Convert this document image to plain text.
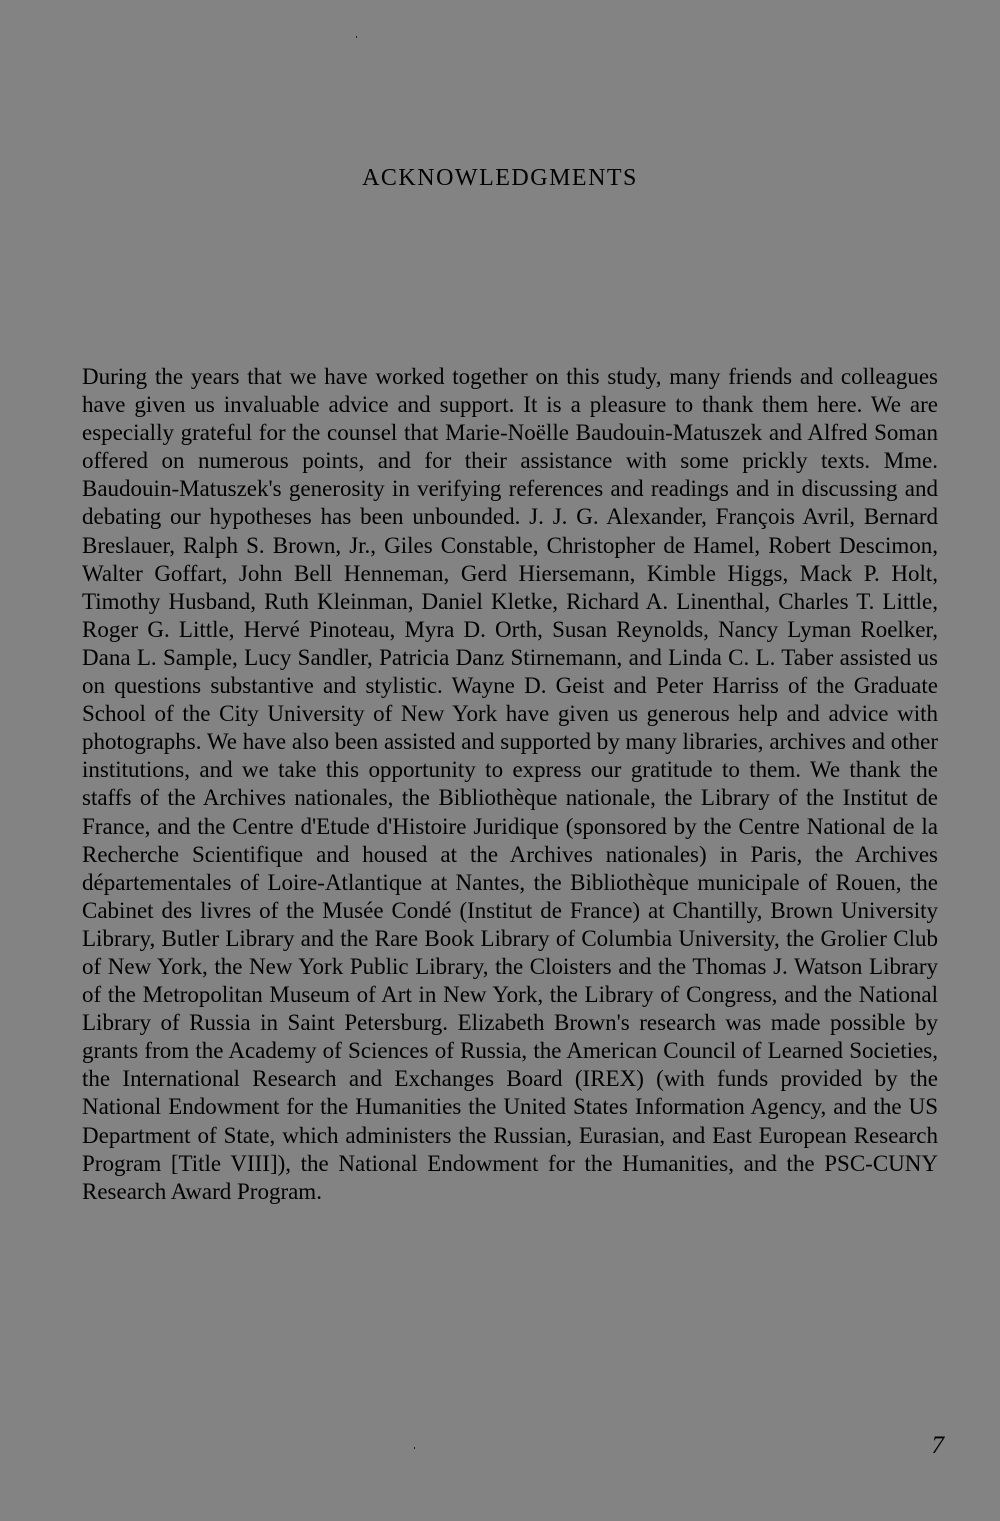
ACKNOWLEDGMENTS

During the years that we have worked together on this study, many friends and colleagues have given us invaluable advice and support. It is a pleasure to thank them here. We are especially grateful for the counsel that Marie-Noëlle Baudouin-Matuszek and Alfred Soman offered on numerous points, and for their assistance with some prickly texts. Mme. Baudouin-Matuszek's generosity in verifying references and readings and in discussing and debating our hypotheses has been unbounded. J. J. G. Alexander, François Avril, Bernard Breslauer, Ralph S. Brown, Jr., Giles Constable, Christopher de Hamel, Robert Descimon, Walter Goffart, John Bell Henneman, Gerd Hiersemann, Kimble Higgs, Mack P. Holt, Timothy Husband, Ruth Kleinman, Daniel Kletke, Richard A. Linenthal, Charles T. Little, Roger G. Little, Hervé Pinoteau, Myra D. Orth, Susan Reynolds, Nancy Lyman Roelker, Dana L. Sample, Lucy Sandler, Patricia Danz Stirnemann, and Linda C. L. Taber assisted us on questions substantive and stylistic. Wayne D. Geist and Peter Harriss of the Graduate School of the City University of New York have given us generous help and advice with photographs. We have also been assisted and supported by many libraries, archives and other institutions, and we take this opportunity to express our gratitude to them. We thank the staffs of the Archives nationales, the Bibliothèque nationale, the Library of the Institut de France, and the Centre d'Etude d'Histoire Juridique (sponsored by the Centre National de la Recherche Scientifique and housed at the Archives nationales) in Paris, the Archives départementales of Loire-Atlantique at Nantes, the Bibliothèque municipale of Rouen, the Cabinet des livres of the Musée Condé (Institut de France) at Chantilly, Brown University Library, Butler Library and the Rare Book Library of Columbia University, the Grolier Club of New York, the New York Public Library, the Cloisters and the Thomas J. Watson Library of the Metropolitan Museum of Art in New York, the Library of Congress, and the National Library of Russia in Saint Petersburg. Elizabeth Brown's research was made possible by grants from the Academy of Sciences of Russia, the American Council of Learned Societies, the International Research and Exchanges Board (IREX) (with funds provided by the National Endowment for the Humanities the United States Information Agency, and the US Department of State, which administers the Russian, Eurasian, and East European Research Program [Title VIII]), the National Endowment for the Humanities, and the PSC-CUNY Research Award Program.

7
